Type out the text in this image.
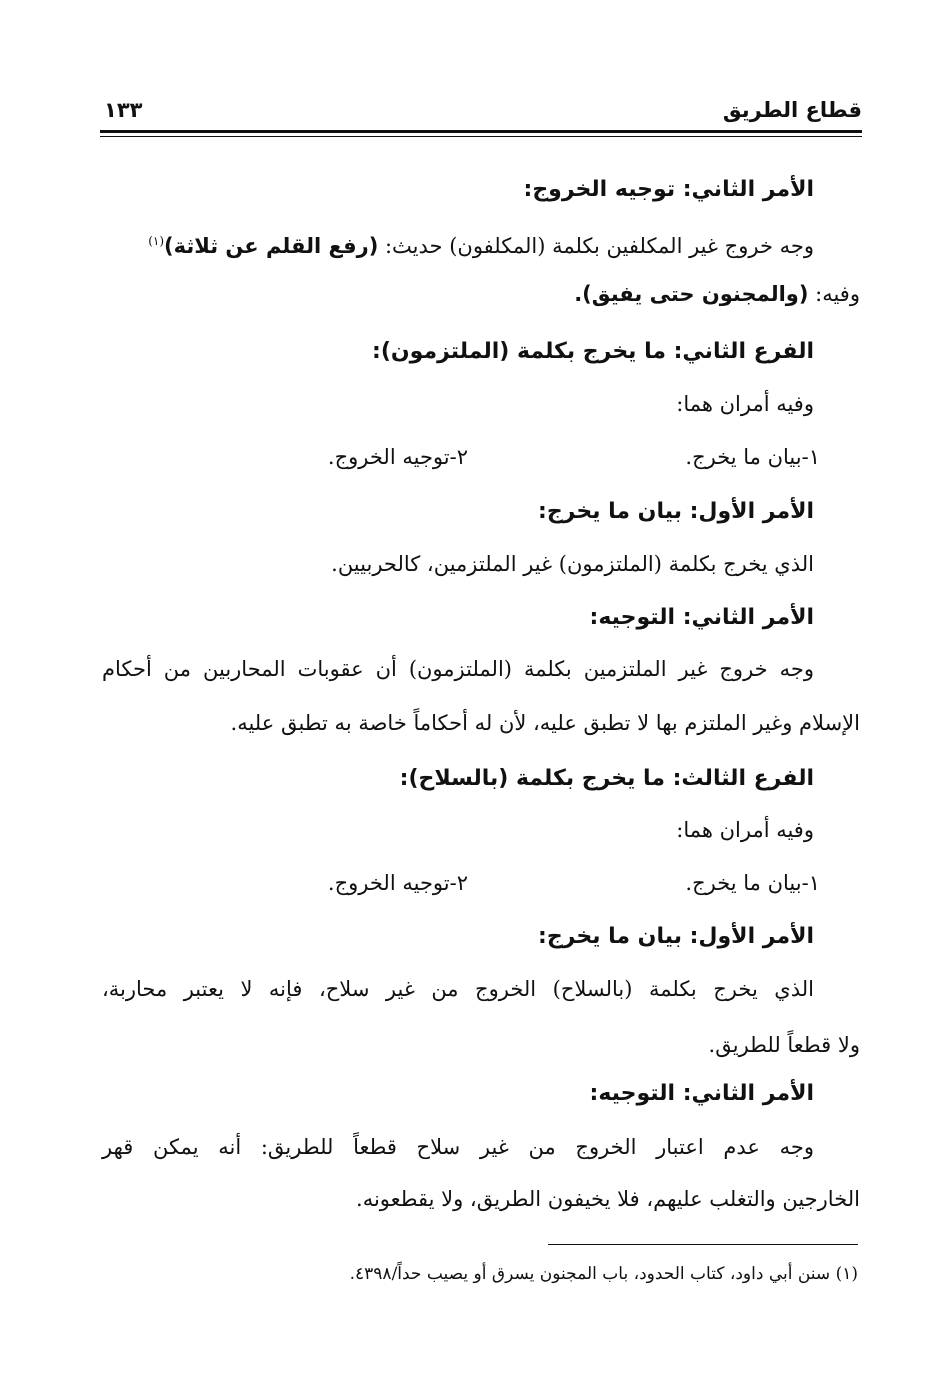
قطاع الطريق
١٣٣
الأمر الثاني: توجيه الخروج:
وجه خروج غير المكلفين بكلمة (المكلفون) حديث: (رفع القلم عن ثلاثة)$^{(١)}$
وفيه: (والمجنون حتى يفيق).
الفرع الثاني: ما يخرج بكلمة (الملتزمون):
وفيه أمران هما:
١-بيان ما يخرج.
٢-توجيه الخروج.
الأمر الأول: بيان ما يخرج:
الذي يخرج بكلمة (الملتزمون) غير الملتزمين، كالحربيين.
الأمر الثاني: التوجيه:
وجه خروج غير الملتزمين بكلمة (الملتزمون) أن عقوبات المحاربين من أحكام
الإسلام وغير الملتزم بها لا تطبق عليه، لأن له أحكاماً خاصة به تطبق عليه.
الفرع الثالث: ما يخرج بكلمة (بالسلاح):
وفيه أمران هما:
١-بيان ما يخرج.
٢-توجيه الخروج.
الأمر الأول: بيان ما يخرج:
الذي يخرج بكلمة (بالسلاح) الخروج من غير سلاح، فإنه لا يعتبر محاربة،
ولا قطعاً للطريق.
الأمر الثاني: التوجيه:
وجه عدم اعتبار الخروج من غير سلاح قطعاً للطريق: أنه يمكن قهر
الخارجين والتغلب عليهم، فلا يخيفون الطريق، ولا يقطعونه.
(١) سنن أبي داود، كتاب الحدود، باب المجنون يسرق أو يصيب حداً/٤٣٩٨.
